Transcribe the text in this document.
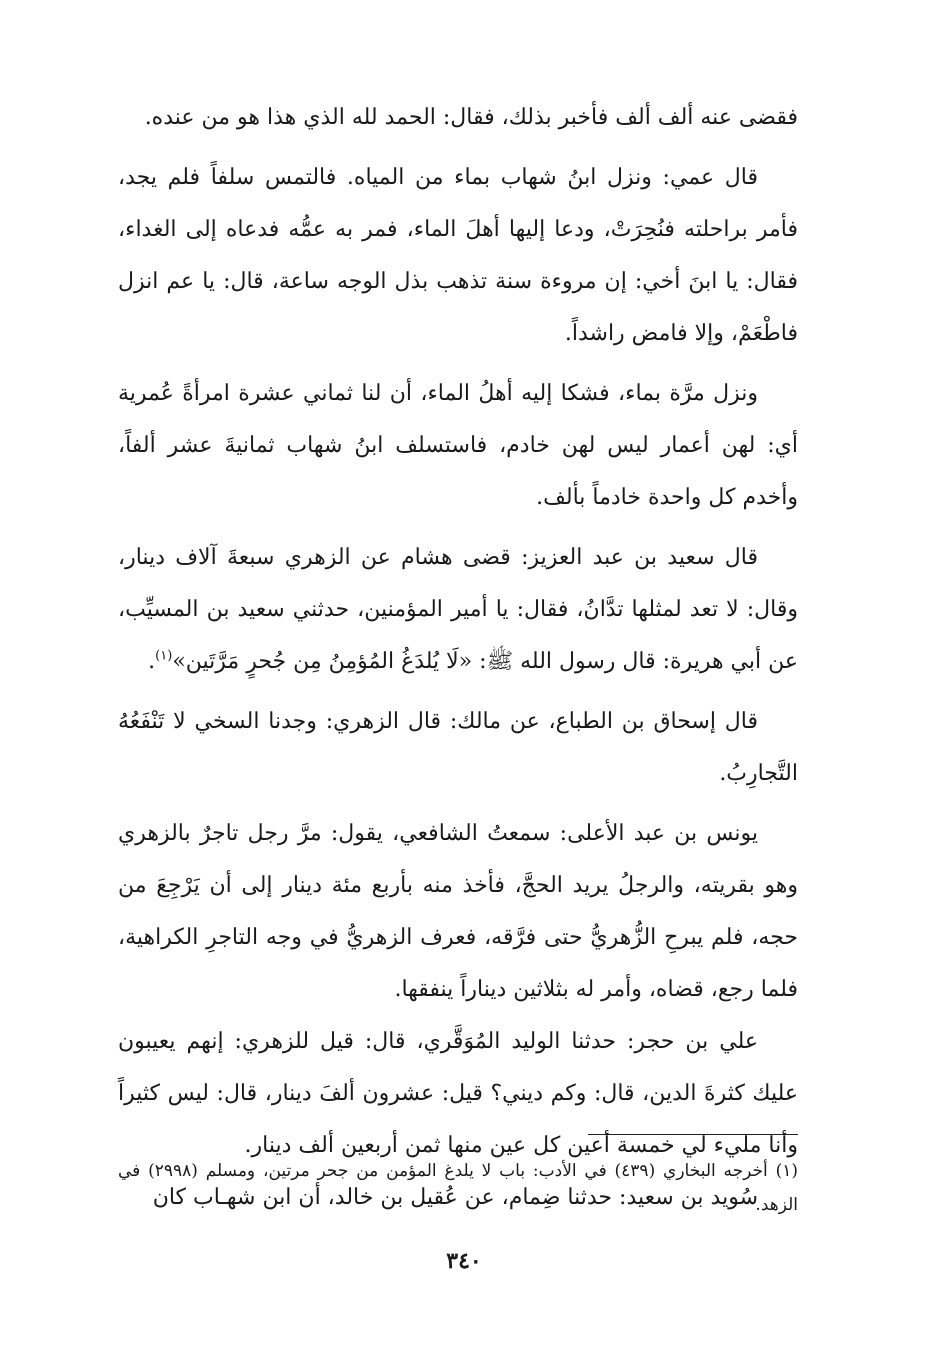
فقضى عنه ألف ألف فأخبر بذلك، فقال: الحمد لله الذي هذا هو من عنده.

قال عمي: ونزل ابنُ شهاب بماء من المياه. فالتمس سلفاً فلم يجد، فأمر براحلته فنُحِرَتْ، ودعا إليها أهلَ الماء، فمر به عمُّه فدعاه إلى الغداء، فقال: يا ابنَ أخي: إن مروءة سنة تذهب بذل الوجه ساعة، قال: يا عم انزل فاطْعَمْ، وإلا فامض راشداً.

ونزل مرَّة بماء، فشكا إليه أهلُ الماء، أن لنا ثماني عشرة امرأةً عُمرية أي: لهن أعمار ليس لهن خادم، فاستسلف ابنُ شهاب ثمانيةَ عشر ألفاً، وأخدم كل واحدة خادماً بألف.

قال سعيد بن عبد العزيز: قضى هشام عن الزهري سبعةَ آلاف دينار، وقال: لا تعد لمثلها تدَّانُ، فقال: يا أمير المؤمنين، حدثني سعيد بن المسيِّب، عن أبي هريرة: قال رسول الله ﷺ: «لَا يُلدَغُ المُؤمِنُ مِن جُحرٍ مَرَّتَين»$^{(١)}$.

قال إسحاق بن الطباع، عن مالك: قال الزهري: وجدنا السخي لا تَنْفَعُهُ التَّجارِبُ.

يونس بن عبد الأعلى: سمعتُ الشافعي، يقول: مرَّ رجل تاجرٌ بالزهري وهو بقريته، والرجلُ يريد الحجَّ، فأخذ منه بأربع مئة دينار إلى أن يَرْجِعَ من حجه، فلم يبرحِ الزُّهريُّ حتى فرَّقه، فعرف الزهريُّ في وجه التاجرِ الكراهية، فلما رجع، قضاه، وأمر له بثلاثين ديناراً ينفقها.

علي بن حجر: حدثنا الوليد المُوَقَّري، قال: قيل للزهري: إنهم يعيبون عليك كثرةَ الدين، قال: وكم ديني؟ قيل: عشرون ألفَ دينار، قال: ليس كثيراً وأنا مليء لي خمسة أعين كل عين منها ثمن أربعين ألف دينار.

سُويد بن سعيد: حدثنا ضِمام، عن عُقيل بن خالد، أن ابن شهـاب كان

(١) أخرجه البخاري (٤٣٩) في الأدب: باب لا يلدغ المؤمن من جحر مرتين، ومسلم (٢٩٩٨) في الزهد.

٣٤٠
